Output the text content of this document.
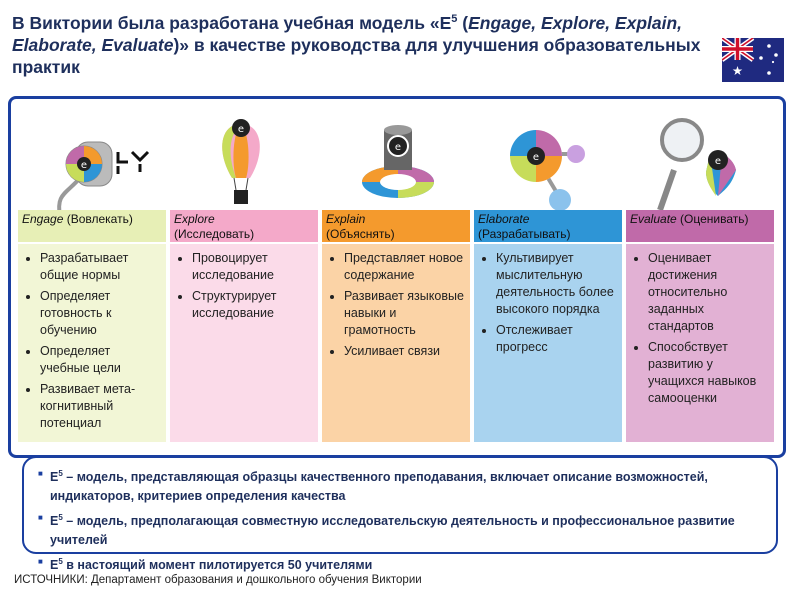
В Виктории была разработана учебная модель «$Е^5$ (Engage, Explore, Explain, Elaborate, Evaluate)» в качестве руководства для улучшения образовательных практик
e
e
e
e	e
Engage (Вовлекать)
• Разрабатывает общие нормы
• Определяет готовность к обучению
• Определяет учебные цели
• Развивает мета-когнитивный потенциал
Explore
(Исследовать)
• Провоцирует исследование
• Структурирует исследование
Explain
(Объяснять)
• Представляет новое содержание
• Развивает языковые навыки и грамотность
• Усиливает связи
Elaborate
(Разрабатывать)
• Культивирует мыслительную деятельность более высокого порядка
• Отслеживает прогресс
Evaluate (Оценивать)
• Оценивает достижения относительно заданных стандартов
• Способствует развитию у учащихся навыков самооценки
■ $Е^5$ – модель, представляющая образцы качественного преподавания, включает описание возможностей, индикаторов, критериев определения качества
■ $Е^5$ – модель, предполагающая совместную исследовательскую деятельность и профессиональное развитие учителей
■ $Е^5$ в настоящий момент пилотируется 50 учителями
ИСТОЧНИКИ: Департамент образования и дошкольного обучения Виктории
